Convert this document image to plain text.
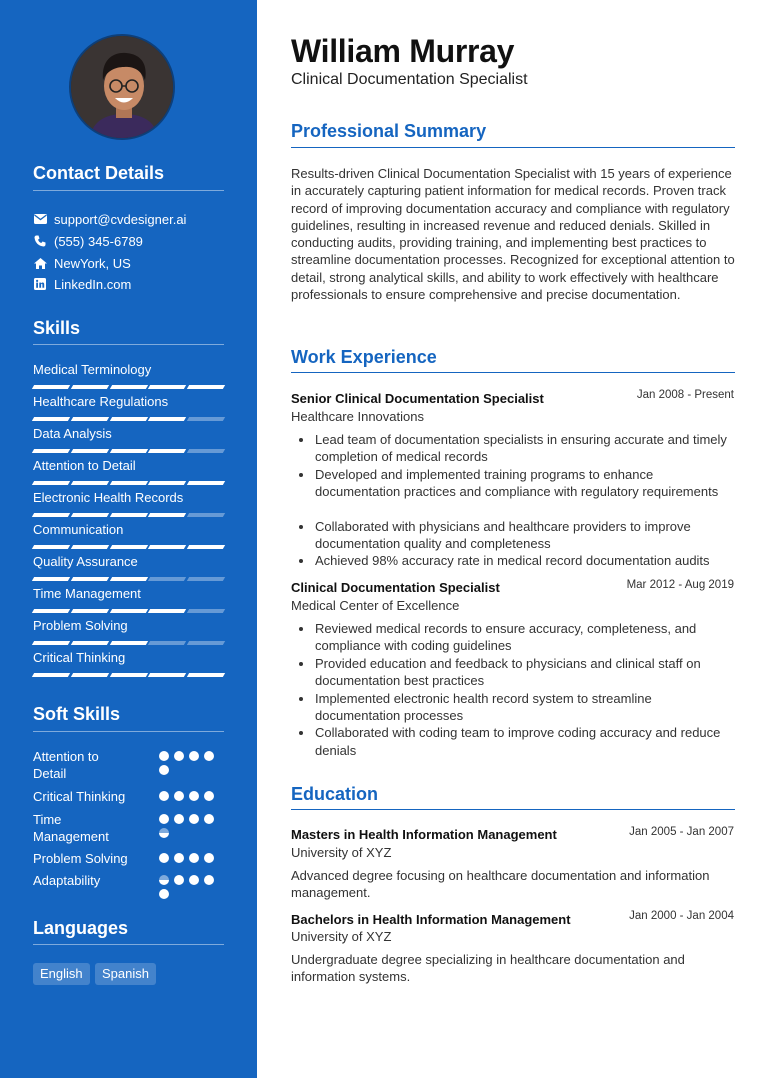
Contact Details
support@cvdesigner.ai
(555) 345-6789
NewYork, US
LinkedIn.com
Skills
Medical Terminology
Healthcare Regulations
Data Analysis
Attention to Detail
Electronic Health Records
Communication
Quality Assurance
Time Management
Problem Solving
Critical Thinking
Soft Skills
Attention to Detail
Critical Thinking
Time Management
Problem Solving
Adaptability
Languages
English	Spanish
William Murray
Clinical Documentation Specialist
Professional Summary
Results-driven Clinical Documentation Specialist with 15 years of experience in accurately capturing patient information for medical records. Proven track record of improving documentation accuracy and compliance with regulatory guidelines, resulting in increased revenue and reduced denials. Skilled in conducting audits, providing training, and implementing best practices to streamline documentation processes. Recognized for exceptional attention to detail, strong analytical skills, and ability to work effectively with healthcare professionals to ensure comprehensive and precise documentation.
Work Experience
Senior Clinical Documentation Specialist	Jan 2008 - Present
Healthcare Innovations
Lead team of documentation specialists in ensuring accurate and timely completion of medical records
Developed and implemented training programs to enhance documentation practices and compliance with regulatory requirements
Collaborated with physicians and healthcare providers to improve documentation quality and completeness
Achieved 98% accuracy rate in medical record documentation audits
Clinical Documentation Specialist	Mar 2012 - Aug 2019
Medical Center of Excellence
Reviewed medical records to ensure accuracy, completeness, and compliance with coding guidelines
Provided education and feedback to physicians and clinical staff on documentation best practices
Implemented electronic health record system to streamline documentation processes
Collaborated with coding team to improve coding accuracy and reduce denials
Education
Masters in Health Information Management	Jan 2005 - Jan 2007
University of XYZ
Advanced degree focusing on healthcare documentation and information management.
Bachelors in Health Information Management	Jan 2000 - Jan 2004
University of XYZ
Undergraduate degree specializing in healthcare documentation and information systems.
